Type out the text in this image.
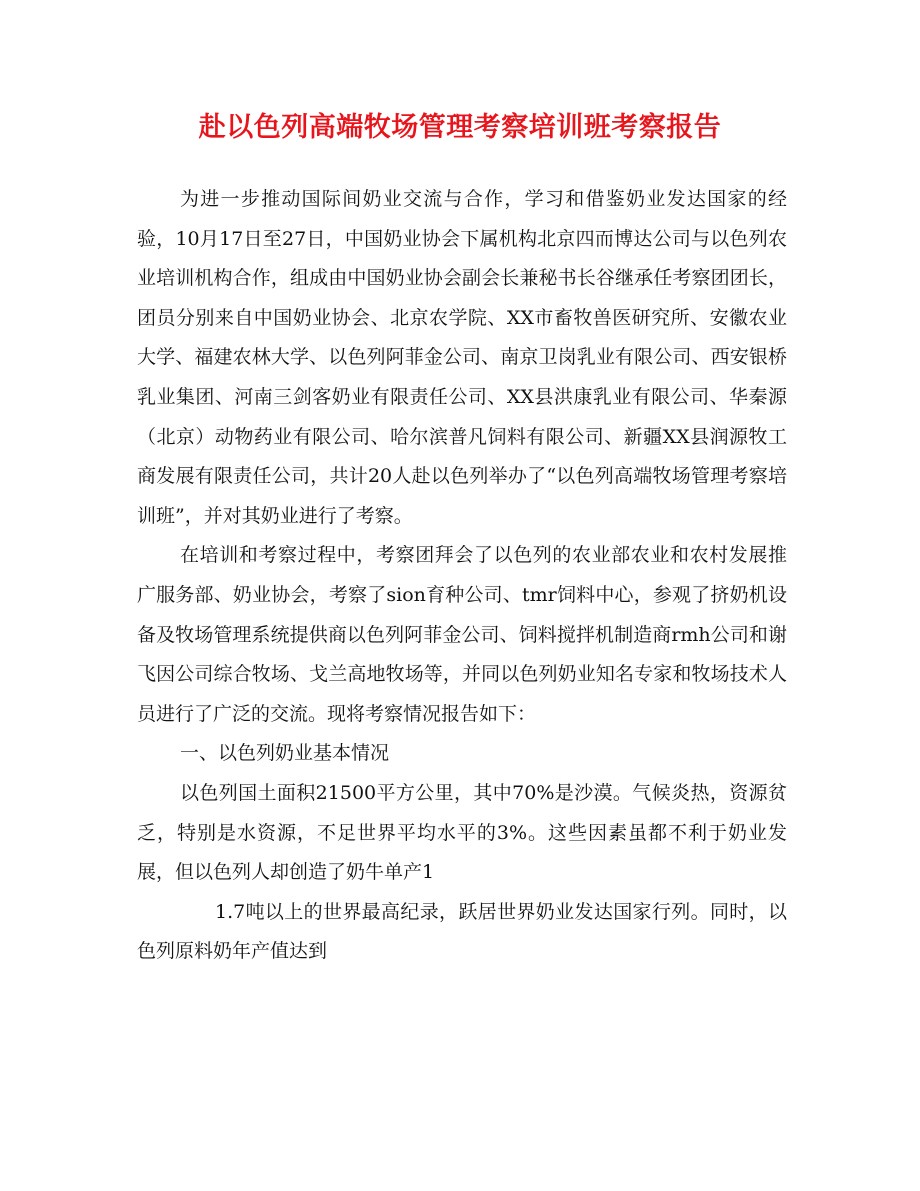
赴以色列高端牧场管理考察培训班考察报告

为进一步推动国际间奶业交流与合作，学习和借鉴奶业发达国家的经验，10月17日至27日，中国奶业协会下属机构北京四而博达公司与以色列农业培训机构合作，组成由中国奶业协会副会长兼秘书长谷继承任考察团团长，团员分别来自中国奶业协会、北京农学院、XX市畜牧兽医研究所、安徽农业大学、福建农林大学、以色列阿菲金公司、南京卫岗乳业有限公司、西安银桥乳业集团、河南三剑客奶业有限责任公司、XX县洪康乳业有限公司、华秦源（北京）动物药业有限公司、哈尔滨普凡饲料有限公司、新疆XX县润源牧工商发展有限责任公司，共计20人赴以色列举办了“以色列高端牧场管理考察培训班”，并对其奶业进行了考察。

在培训和考察过程中，考察团拜会了以色列的农业部农业和农村发展推广服务部、奶业协会，考察了sion育种公司、tmr饲料中心，参观了挤奶机设备及牧场管理系统提供商以色列阿菲金公司、饲料搅拌机制造商rmh公司和谢飞因公司综合牧场、戈兰高地牧场等，并同以色列奶业知名专家和牧场技术人员进行了广泛的交流。现将考察情况报告如下：

一、以色列奶业基本情况

以色列国土面积21500平方公里，其中70%是沙漠。气候炎热，资源贫乏，特别是水资源，不足世界平均水平的3%。这些因素虽都不利于奶业发展，但以色列人却创造了奶牛单产1

1.7吨以上的世界最高纪录，跃居世界奶业发达国家行列。同时，以色列原料奶年产值达到
